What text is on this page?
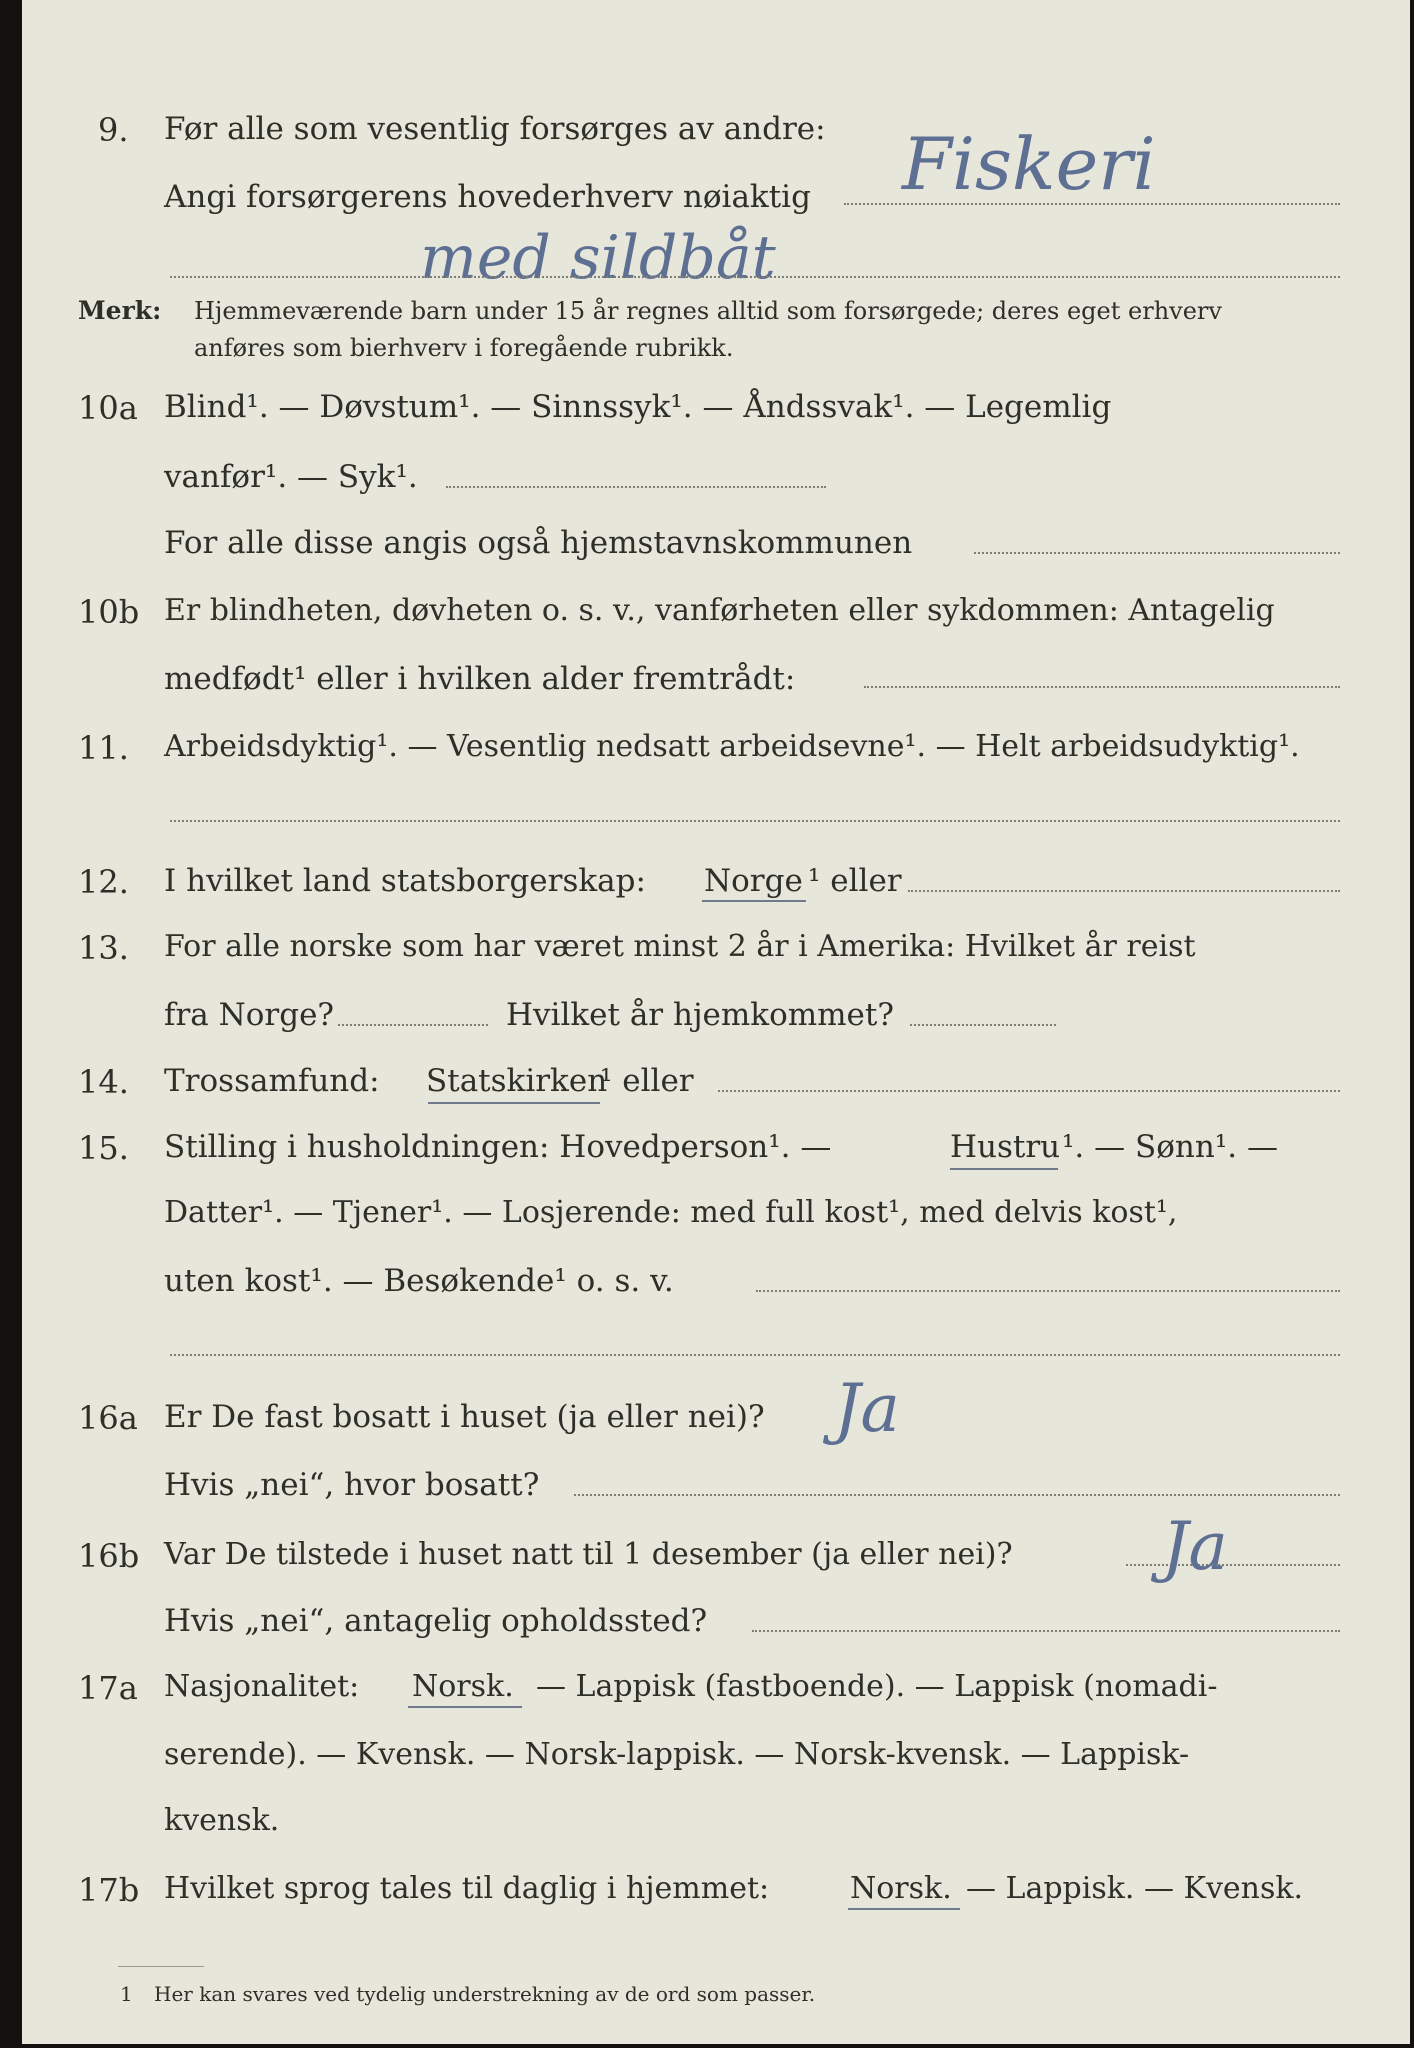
9. Før alle som vesentlig forsørges av andre:
Angi forsørgerens hovederhverv nøiaktig Fiskeri
med sildbåt
Merk: Hjemmeværende barn under 15 år regnes alltid som forsørgede; deres eget erhverv
anføres som bierhverv i foregående rubrikk.
10a Blind¹. — Døvstum¹. — Sinnssyk¹. — Åndssvak¹. — Legemlig
vanfør¹. — Syk¹.
For alle disse angis også hjemstavnskommunen
10b Er blindheten, døvheten o. s. v., vanførheten eller sykdommen: Antagelig
medfødt¹ eller i hvilken alder fremtrådt:
11. Arbeidsdyktig¹. — Vesentlig nedsatt arbeidsevne¹. — Helt arbeidsudyktig¹.
12. I hvilket land statsborgerskap: Norge ¹ eller
13. For alle norske som har været minst 2 år i Amerika: Hvilket år reist
fra Norge?	Hvilket år hjemkommet?
14. Trossamfund: Statskirken
¹ eller
15. Stilling i husholdningen: Hovedperson¹. —	Hustru ¹. — Sønn¹. —
Datter¹. — Tjener¹. — Losjerende: med full kost¹, med delvis kost¹,
uten kost¹. — Besøkende¹ o. s. v.
16a Er De fast bosatt i huset (ja eller nei)? Ja
Hvis „nei“, hvor bosatt?
16b Var De tilstede i huset natt til 1 desember (ja eller nei)? Ja
Hvis „nei“, antagelig opholdssted?
17a Nasjonalitet: Norsk. — Lappisk (fastboende). — Lappisk (nomadi-
serende). — Kvensk. — Norsk-lappisk. — Norsk-kvensk. — Lappisk-
kvensk.
17b Hvilket sprog tales til daglig i hjemmet:	Norsk. — Lappisk. — Kvensk.
1 Her kan svares ved tydelig understrekning av de ord som passer.
